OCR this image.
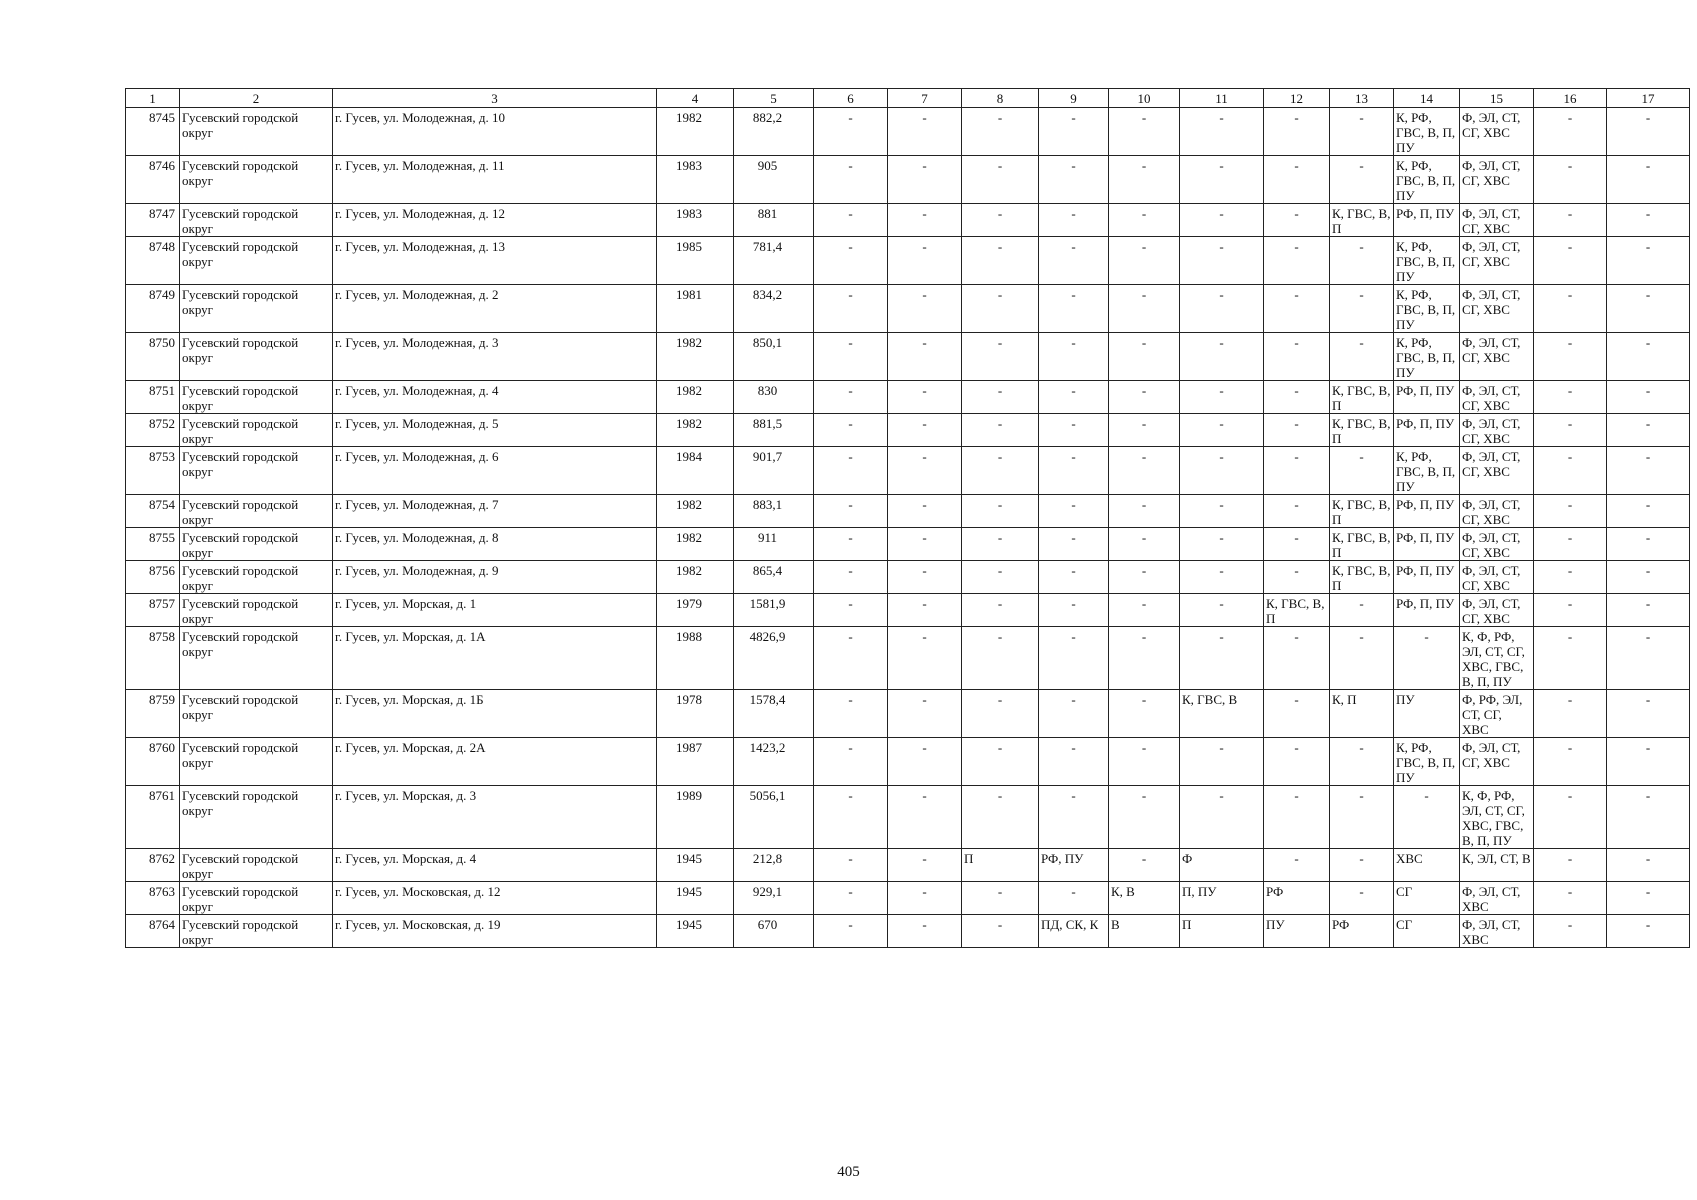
1	2	3	4	5	6	7	8	9	10	11	12	13	14	15	16	17
8745	Гусевский городской округ	г. Гусев, ул. Молодежная, д. 10	1982	882,2	-	-	-	-	-	-	-	-	К, РФ, ГВС, В, П, ПУ	Ф, ЭЛ, СТ, СГ, ХВС	-	-
8746	Гусевский городской округ	г. Гусев, ул. Молодежная, д. 11	1983	905	-	-	-	-	-	-	-	-	К, РФ, ГВС, В, П, ПУ	Ф, ЭЛ, СТ, СГ, ХВС	-	-
8747	Гусевский городской округ	г. Гусев, ул. Молодежная, д. 12	1983	881	-	-	-	-	-	-	-	К, ГВС, В, П	РФ, П, ПУ	Ф, ЭЛ, СТ, СГ, ХВС	-	-
8748	Гусевский городской округ	г. Гусев, ул. Молодежная, д. 13	1985	781,4	-	-	-	-	-	-	-	-	К, РФ, ГВС, В, П, ПУ	Ф, ЭЛ, СТ, СГ, ХВС	-	-
8749	Гусевский городской округ	г. Гусев, ул. Молодежная, д. 2	1981	834,2	-	-	-	-	-	-	-	-	К, РФ, ГВС, В, П, ПУ	Ф, ЭЛ, СТ, СГ, ХВС	-	-
8750	Гусевский городской округ	г. Гусев, ул. Молодежная, д. 3	1982	850,1	-	-	-	-	-	-	-	-	К, РФ, ГВС, В, П, ПУ	Ф, ЭЛ, СТ, СГ, ХВС	-	-
8751	Гусевский городской округ	г. Гусев, ул. Молодежная, д. 4	1982	830	-	-	-	-	-	-	-	К, ГВС, В, П	РФ, П, ПУ	Ф, ЭЛ, СТ, СГ, ХВС	-	-
8752	Гусевский городской округ	г. Гусев, ул. Молодежная, д. 5	1982	881,5	-	-	-	-	-	-	-	К, ГВС, В, П	РФ, П, ПУ	Ф, ЭЛ, СТ, СГ, ХВС	-	-
8753	Гусевский городской округ	г. Гусев, ул. Молодежная, д. 6	1984	901,7	-	-	-	-	-	-	-	-	К, РФ, ГВС, В, П, ПУ	Ф, ЭЛ, СТ, СГ, ХВС	-	-
8754	Гусевский городской округ	г. Гусев, ул. Молодежная, д. 7	1982	883,1	-	-	-	-	-	-	-	К, ГВС, В, П	РФ, П, ПУ	Ф, ЭЛ, СТ, СГ, ХВС	-	-
8755	Гусевский городской округ	г. Гусев, ул. Молодежная, д. 8	1982	911	-	-	-	-	-	-	-	К, ГВС, В, П	РФ, П, ПУ	Ф, ЭЛ, СТ, СГ, ХВС	-	-
8756	Гусевский городской округ	г. Гусев, ул. Молодежная, д. 9	1982	865,4	-	-	-	-	-	-	-	К, ГВС, В, П	РФ, П, ПУ	Ф, ЭЛ, СТ, СГ, ХВС	-	-
8757	Гусевский городской округ	г. Гусев, ул. Морская, д. 1	1979	1581,9	-	-	-	-	-	-	К, ГВС, В, П	-	РФ, П, ПУ	Ф, ЭЛ, СТ, СГ, ХВС	-	-
8758	Гусевский городской округ	г. Гусев, ул. Морская, д. 1А	1988	4826,9	-	-	-	-	-	-	-	-	-	К, Ф, РФ, ЭЛ, СТ, СГ, ХВС, ГВС, В, П, ПУ	-	-
8759	Гусевский городской округ	г. Гусев, ул. Морская, д. 1Б	1978	1578,4	-	-	-	-	-	К, ГВС, В	-	К, П	ПУ	Ф, РФ, ЭЛ, СТ, СГ, ХВС	-	-
8760	Гусевский городской округ	г. Гусев, ул. Морская, д. 2А	1987	1423,2	-	-	-	-	-	-	-	-	К, РФ, ГВС, В, П, ПУ	Ф, ЭЛ, СТ, СГ, ХВС	-	-
8761	Гусевский городской округ	г. Гусев, ул. Морская, д. 3	1989	5056,1	-	-	-	-	-	-	-	-	-	К, Ф, РФ, ЭЛ, СТ, СГ, ХВС, ГВС, В, П, ПУ	-	-
8762	Гусевский городской округ	г. Гусев, ул. Морская, д. 4	1945	212,8	-	-	П	РФ, ПУ	-	Ф	-	-	ХВС	К, ЭЛ, СТ, В	-	-
8763	Гусевский городской округ	г. Гусев, ул. Московская, д. 12	1945	929,1	-	-	-	-	К, В	П, ПУ	РФ	-	СГ	Ф, ЭЛ, СТ, ХВС	-	-
8764	Гусевский городской округ	г. Гусев, ул. Московская, д. 19	1945	670	-	-	-	ПД, СК, К	В	П	ПУ	РФ	СГ	Ф, ЭЛ, СТ, ХВС	-	-
405
